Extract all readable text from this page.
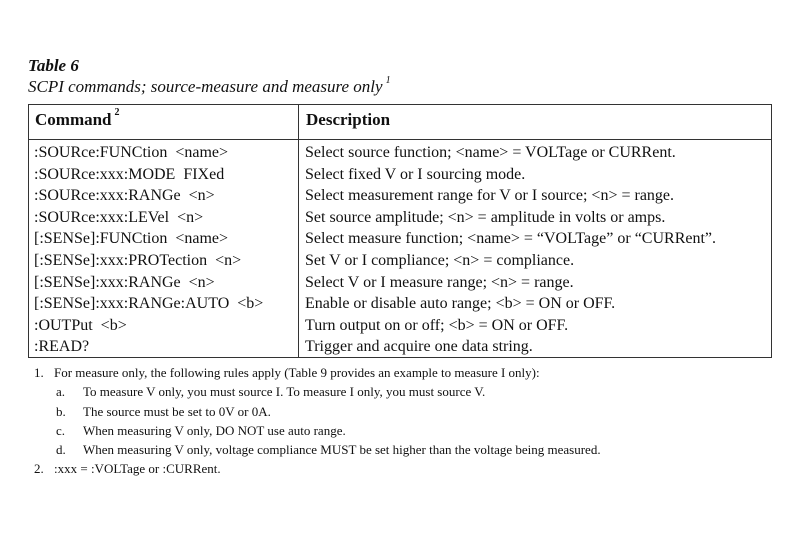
Table 6
SCPI commands; source-measure and measure only $^1$
Command $^2$	Description
:SOURce:FUNCtion  <name>	Select source function; <name> = VOLTage or CURRent.
:SOURce:xxx:MODE  FIXed	Select fixed V or I sourcing mode.
:SOURce:xxx:RANGe  <n>	Select measurement range for V or I source; <n> = range.
:SOURce:xxx:LEVel  <n>	Set source amplitude; <n> = amplitude in volts or amps.
[:SENSe]:FUNCtion  <name>	Select measure function; <name> = “VOLTage” or “CURRent”.
[:SENSe]:xxx:PROTection  <n>	Set V or I compliance; <n> = compliance.
[:SENSe]:xxx:RANGe  <n>	Select V or I measure range; <n> = range.
[:SENSe]:xxx:RANGe:AUTO  <b>	Enable or disable auto range; <b> = ON or OFF.
:OUTPut  <b>	Turn output on or off; <b> = ON or OFF.
:READ?	Trigger and acquire one data string.
1. For measure only, the following rules apply (Table 9 provides an example to measure I only):
a. To measure V only, you must source I. To measure I only, you must source V.
b. The source must be set to 0V or 0A.
c. When measuring V only, DO NOT use auto range.
d. When measuring V only, voltage compliance MUST be set higher than the voltage being measured.
2. :xxx = :VOLTage or :CURRent.
